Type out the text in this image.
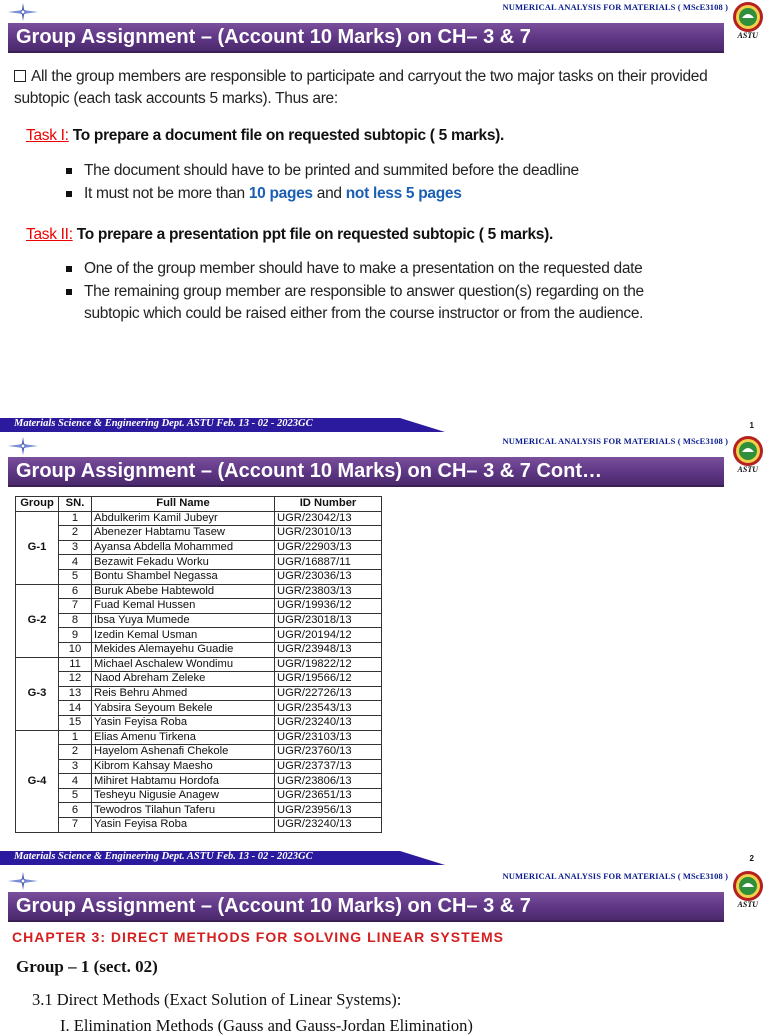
NUMERICAL ANALYSIS FOR MATERIALS ( MScE3108 )
ASTU
Group Assignment – (Account 10 Marks) on CH– 3 & 7
All the group members are responsible to participate and carryout the two major tasks on their provided subtopic (each task accounts 5 marks). Thus are:
Task I: To prepare a document file on requested subtopic ( 5 marks).
The document should have to be printed and summited before the deadline
It must not be more than 10 pages and not less 5 pages
Task II: To prepare a presentation ppt file on requested subtopic ( 5 marks).
One of the group member should have to make a presentation on the requested date
The remaining group member are responsible to answer question(s) regarding on the subtopic which could be raised either from the course instructor or from the audience.
Materials Science & Engineering Dept. ASTU Feb. 13 - 02 - 2023GC	1
NUMERICAL ANALYSIS FOR MATERIALS ( MScE3108 )
ASTU
Group Assignment – (Account 10 Marks) on CH– 3 & 7 Cont…
Materials Science & Engineering Dept. ASTU Feb. 13 - 02 - 2023GC	2
Group	SN.	Full Name	ID Number
G-1	1	Abdulkerim Kamil Jubeyr	UGR/23042/13
	2	Abenezer Habtamu Tasew	UGR/23010/13
	3	Ayansa Abdella Mohammed	UGR/22903/13
	4	Bezawit Fekadu Worku	UGR/16887/11
	5	Bontu Shambel Negassa	UGR/23036/13
G-2	6	Buruk Abebe Habtewold	UGR/23803/13
	7	Fuad Kemal Hussen	UGR/19936/12
	8	Ibsa Yuya Mumede	UGR/23018/13
	9	Izedin Kemal Usman	UGR/20194/12
	10	Mekides Alemayehu Guadie	UGR/23948/13
G-3	11	Michael Aschalew Wondimu	UGR/19822/12
	12	Naod Abreham Zeleke	UGR/19566/12
	13	Reis Behru Ahmed	UGR/22726/13
	14	Yabsira Seyoum Bekele	UGR/23543/13
	15	Yasin Feyisa Roba	UGR/23240/13
G-4	1	Elias Amenu Tirkena	UGR/23103/13
	2	Hayelom Ashenafi Chekole	UGR/23760/13
	3	Kibrom Kahsay Maesho	UGR/23737/13
	4	Mihiret Habtamu Hordofa	UGR/23806/13
	5	Tesheyu Nigusie Anagew	UGR/23651/13
	6	Tewodros Tilahun Taferu	UGR/23956/13
	7	Yasin Feyisa Roba	UGR/23240/13
NUMERICAL ANALYSIS FOR MATERIALS ( MScE3108 )
ASTU
Group Assignment – (Account 10 Marks) on CH– 3 & 7
CHAPTER 3: DIRECT METHODS FOR SOLVING LINEAR SYSTEMS
Group – 1 (sect. 02)
3.1 Direct Methods (Exact Solution of Linear Systems):
I. Elimination Methods (Gauss and Gauss-Jordan Elimination)
